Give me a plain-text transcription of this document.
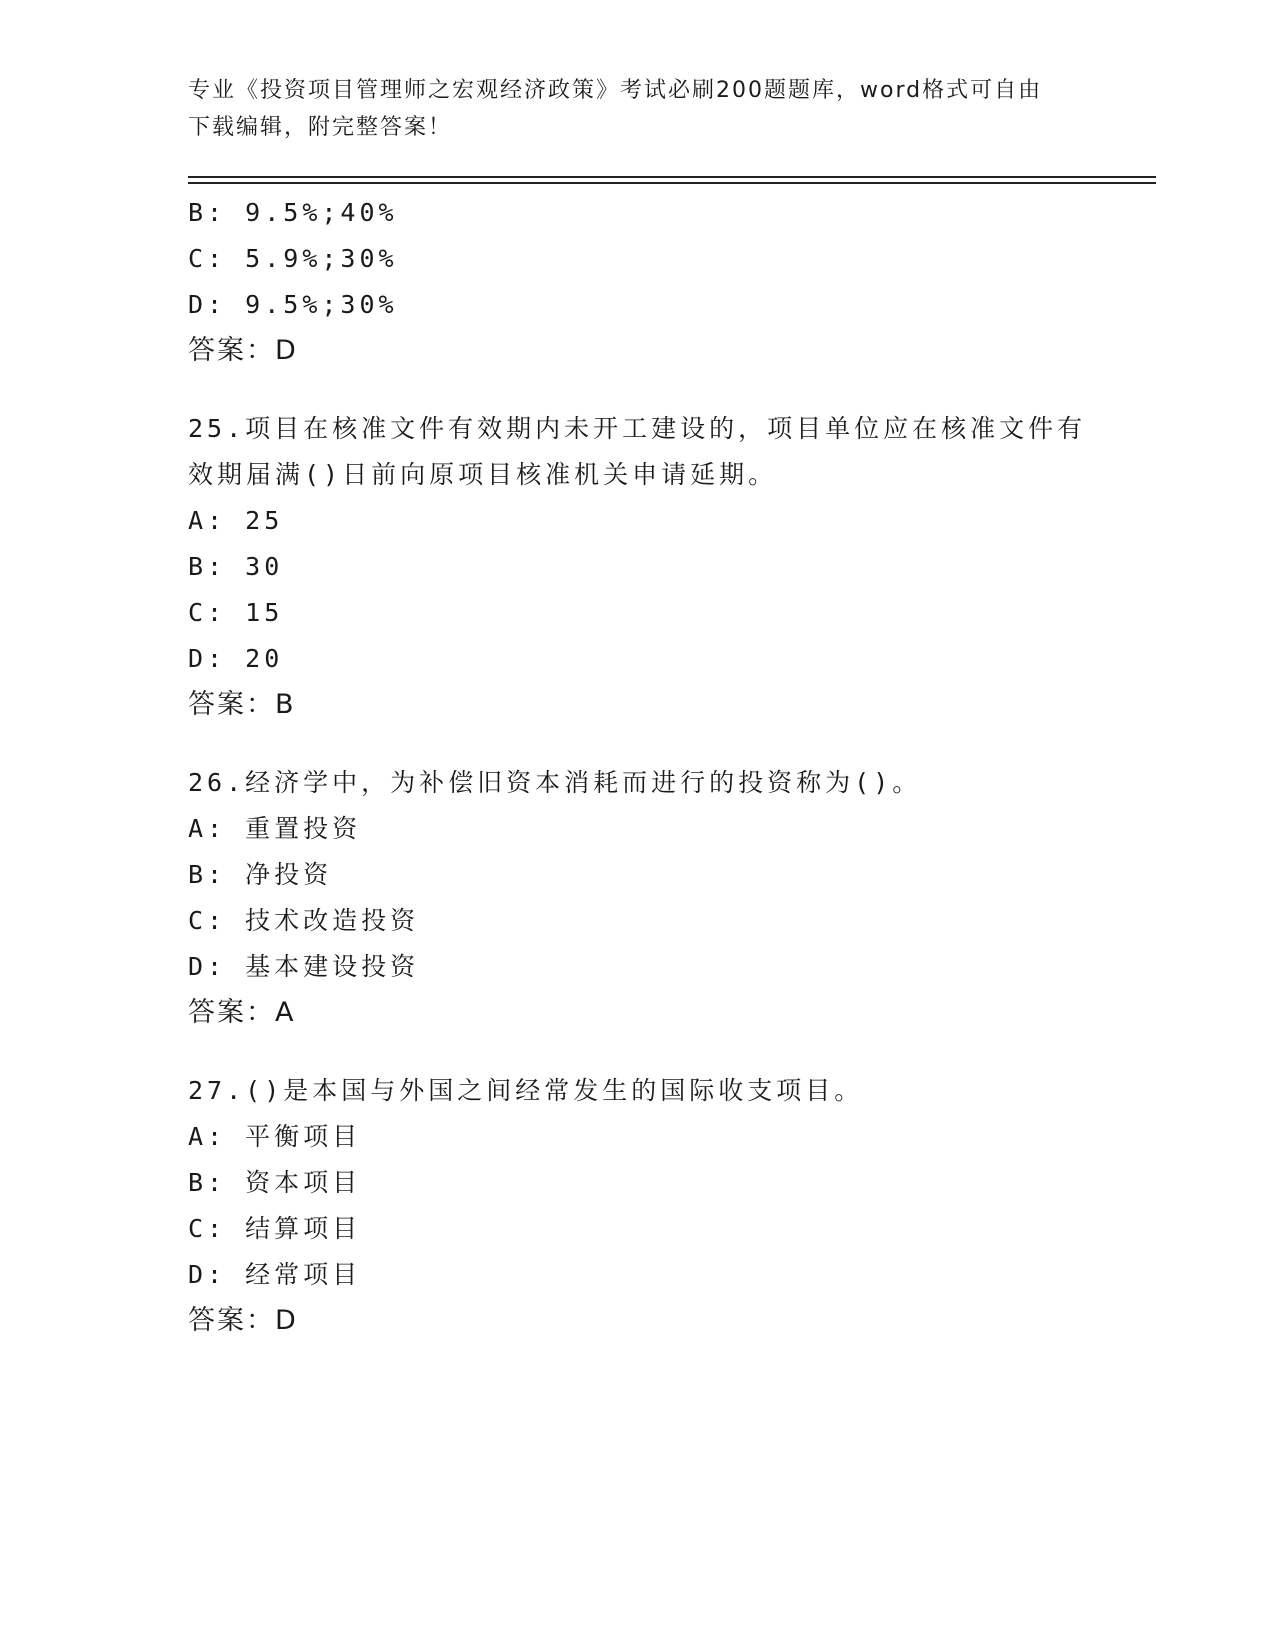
专业《投资项目管理师之宏观经济政策》考试必刷200题题库，word格式可自由
下载编辑，附完整答案！
B: 9.5%;40%
C: 5.9%;30%
D: 9.5%;30%
答案：D
25.项目在核准文件有效期内未开工建设的，项目单位应在核准文件有
效期届满()日前向原项目核准机关申请延期。
A: 25
B: 30
C: 15
D: 20
答案：B
26.经济学中，为补偿旧资本消耗而进行的投资称为()。
A: 重置投资
B: 净投资
C: 技术改造投资
D: 基本建设投资
答案：A
27.()是本国与外国之间经常发生的国际收支项目。
A: 平衡项目
B: 资本项目
C: 结算项目
D: 经常项目
答案：D
